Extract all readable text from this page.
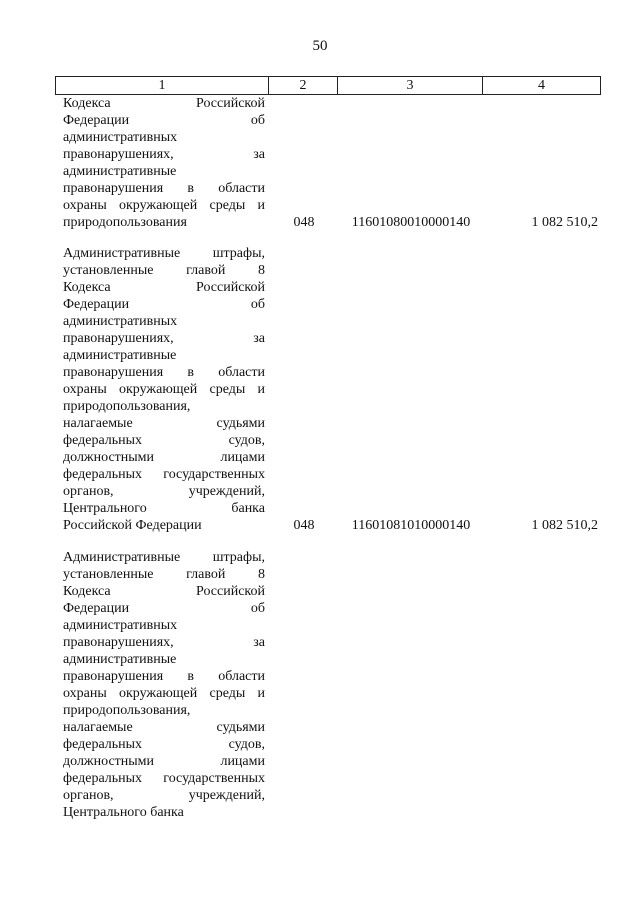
50
1	2	3	4
Кодекса Российской
Федерации об
административных
правонарушениях, за
административные
правонарушения в области
охраны окружающей среды и
природопользования	048	11601080010000140	1 082 510,2
Административные штрафы,
установленные главой 8
Кодекса Российской
Федерации об
административных
правонарушениях, за
административные
правонарушения в области
охраны окружающей среды и
природопользования,
налагаемые судьями
федеральных судов,
должностными лицами
федеральных государственных
органов, учреждений,
Центрального банка
Российской Федерации	048	11601081010000140	1 082 510,2
Административные штрафы,
установленные главой 8
Кодекса Российской
Федерации об
административных
правонарушениях, за
административные
правонарушения в области
охраны окружающей среды и
природопользования,
налагаемые судьями
федеральных судов,
должностными лицами
федеральных государственных
органов, учреждений,
Центрального банка
